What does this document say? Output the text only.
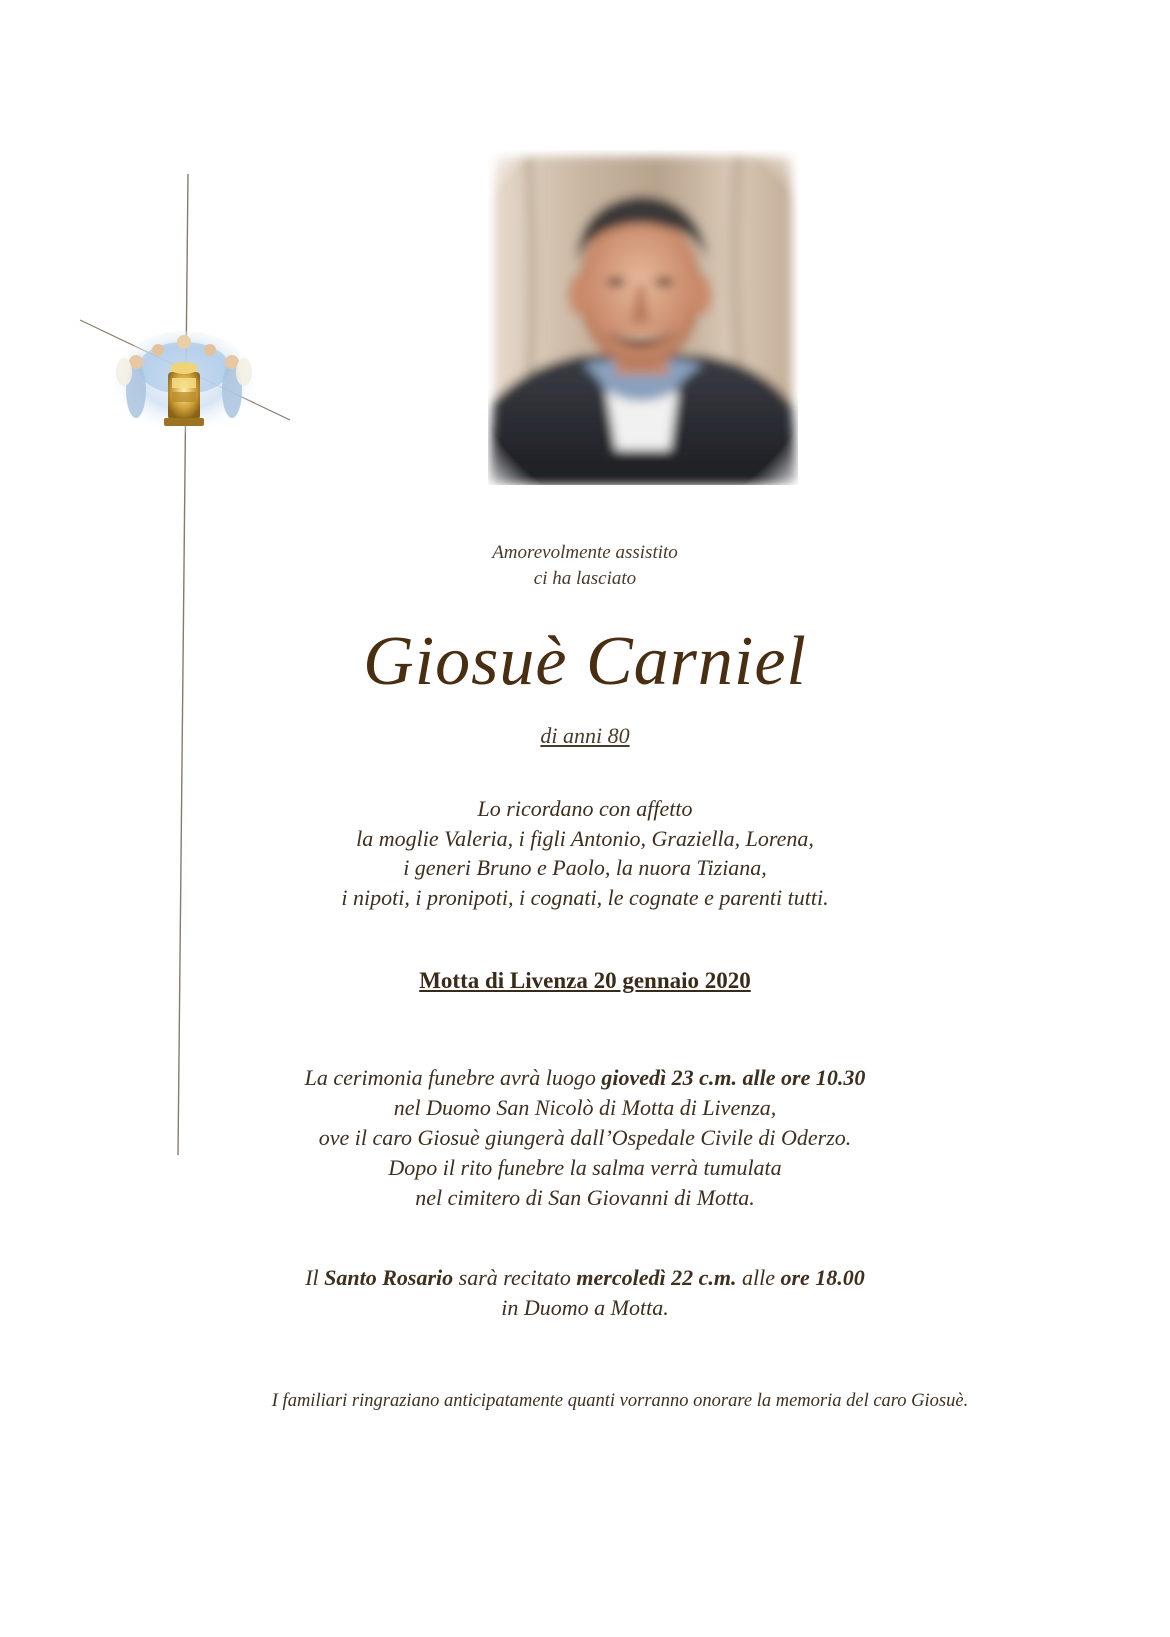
Amorevolmente assistito
ci ha lasciato
Giosuè Carniel
di anni 80
Lo ricordano con affetto
la moglie Valeria, i figli Antonio, Graziella, Lorena,
i generi Bruno e Paolo, la nuora Tiziana,
i nipoti, i pronipoti, i cognati, le cognate e parenti tutti.
Motta di Livenza 20 gennaio 2020
La cerimonia funebre avrà luogo giovedì 23 c.m. alle ore 10.30
nel Duomo San Nicolò di Motta di Livenza,
ove il caro Giosuè giungerà dall’Ospedale Civile di Oderzo.
Dopo il rito funebre la salma verrà tumulata
nel cimitero di San Giovanni di Motta.
Il Santo Rosario sarà recitato mercoledì 22 c.m. alle ore 18.00
in Duomo a Motta.
I familiari ringraziano anticipatamente quanti vorranno onorare la memoria del caro Giosuè.
